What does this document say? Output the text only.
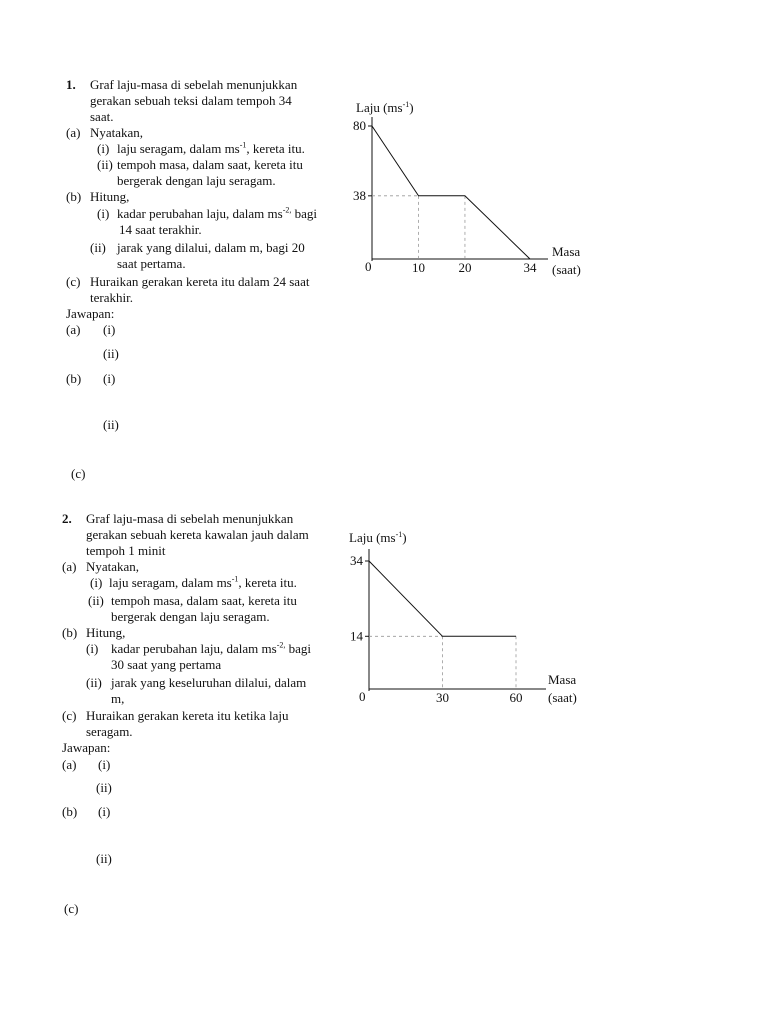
1. Graf laju-masa di sebelah menunjukkan
gerakan sebuah teksi dalam tempoh 34
saat.
(a) Nyatakan,
(i) laju seragam, dalam $ms^{-1}$, kereta itu.
(ii) tempoh masa, dalam saat, kereta itu
bergerak dengan laju seragam.
(b) Hitung,
(i) kadar perubahan laju, dalam $ms^{-2,}$ bagi
14 saat terakhir.
(ii) jarak yang dilalui, dalam m, bagi 20
saat pertama.
(c) Huraikan gerakan kereta itu dalam 24 saat
terakhir.
Jawapan:
(a) (i)
(ii)
(b) (i)
(ii)
(c)
Laju $(ms^{-1})$
Masa
(saat)
0	10	20	34
38
80
2. Graf laju-masa di sebelah menunjukkan
gerakan sebuah kereta kawalan jauh dalam
tempoh 1 minit
(a) Nyatakan,
(i) laju seragam, dalam $ms^{-1}$, kereta itu.
(ii) tempoh masa, dalam saat, kereta itu
bergerak dengan laju seragam.
(b) Hitung,
(i) kadar perubahan laju, dalam $ms^{-2,}$ bagi
30 saat yang pertama
(ii) jarak yang keseluruhan dilalui, dalam
m,
(c) Huraikan gerakan kereta itu ketika laju
seragam.
Jawapan:
(a) (i)
(ii)
(b) (i)
(ii)
(c)
Laju $(ms^{-1})$
Masa
(saat)
0	30	60
14
34
